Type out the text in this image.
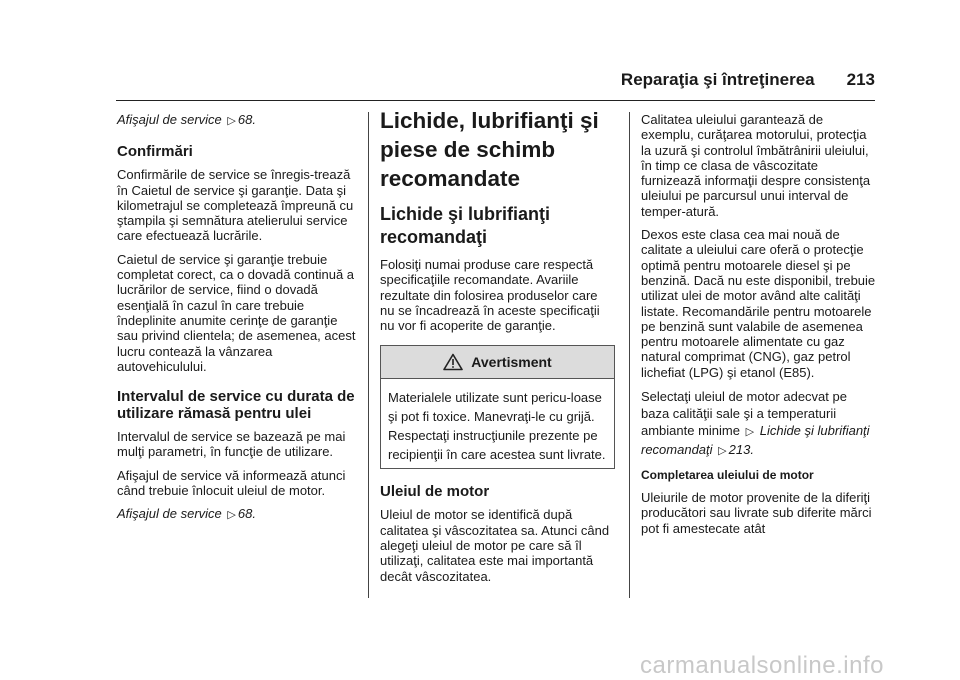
Reparaţia şi întreţinerea 213

Afişajul de service ▷ 68.

Confirmări

Confirmările de service se înregis-trează în Caietul de service şi garanţie. Data şi kilometrajul se completează împreună cu ştampila şi semnătura atelierului service care efectuează lucrările.

Caietul de service şi garanţie trebuie completat corect, ca o dovadă continuă a lucrărilor de service, fiind o dovadă esenţială în cazul în care trebuie îndeplinite anumite cerinţe de garanţie sau privind clientela; de asemenea, acest lucru contează la vânzarea autovehiculului.

Intervalul de service cu durata de utilizare rămasă pentru ulei

Intervalul de service se bazează pe mai mulţi parametri, în funcţie de utilizare.

Afişajul de service vă informează atunci când trebuie înlocuit uleiul de motor.

Afişajul de service ▷ 68.

Lichide, lubrifianţi şi piese de schimb recomandate
Lichide şi lubrifianţi recomandaţi

Folosiţi numai produse care respectă specificaţiile recomandate. Avariile rezultate din folosirea produselor care nu se încadrează în aceste specificaţii nu vor fi acoperite de garanţie.

Avertisment

Materialele utilizate sunt pericu-loase şi pot fi toxice. Manevraţi-le cu grijă. Respectaţi instrucţiunile prezente pe recipienţii în care acestea sunt livrate.

Uleiul de motor

Uleiul de motor se identifică după calitatea şi vâscozitatea sa. Atunci când alegeţi uleiul de motor pe care să îl utilizaţi, calitatea este mai importantă decât vâscozitatea.

Calitatea uleiului garantează de exemplu, curăţarea motorului, protecţia la uzură şi controlul îmbătrânirii uleiului, în timp ce clasa de vâscozitate furnizează informaţii despre consistenţa uleiului pe parcursul unui interval de temper-atură.

Dexos este clasa cea mai nouă de calitate a uleiului care oferă o protecţie optimă pentru motoarele diesel şi pe benzină. Dacă nu este disponibil, trebuie utilizat ulei de motor având alte calităţi listate. Recomandările pentru motoarele pe benzină sunt valabile de asemenea pentru motoarele alimentate cu gaz natural comprimat (CNG), gaz petrol lichefiat (LPG) şi etanol (E85).

Selectaţi uleiul de motor adecvat pe baza calităţii sale şi a temperaturii ambiante minime ▷ Lichide şi lubrifianţi recomandaţi ▷ 213.

Completarea uleiului de motor

Uleiurile de motor provenite de la diferiţi producători sau livrate sub diferite mărci pot fi amestecate atât

carmanualsonline.info
